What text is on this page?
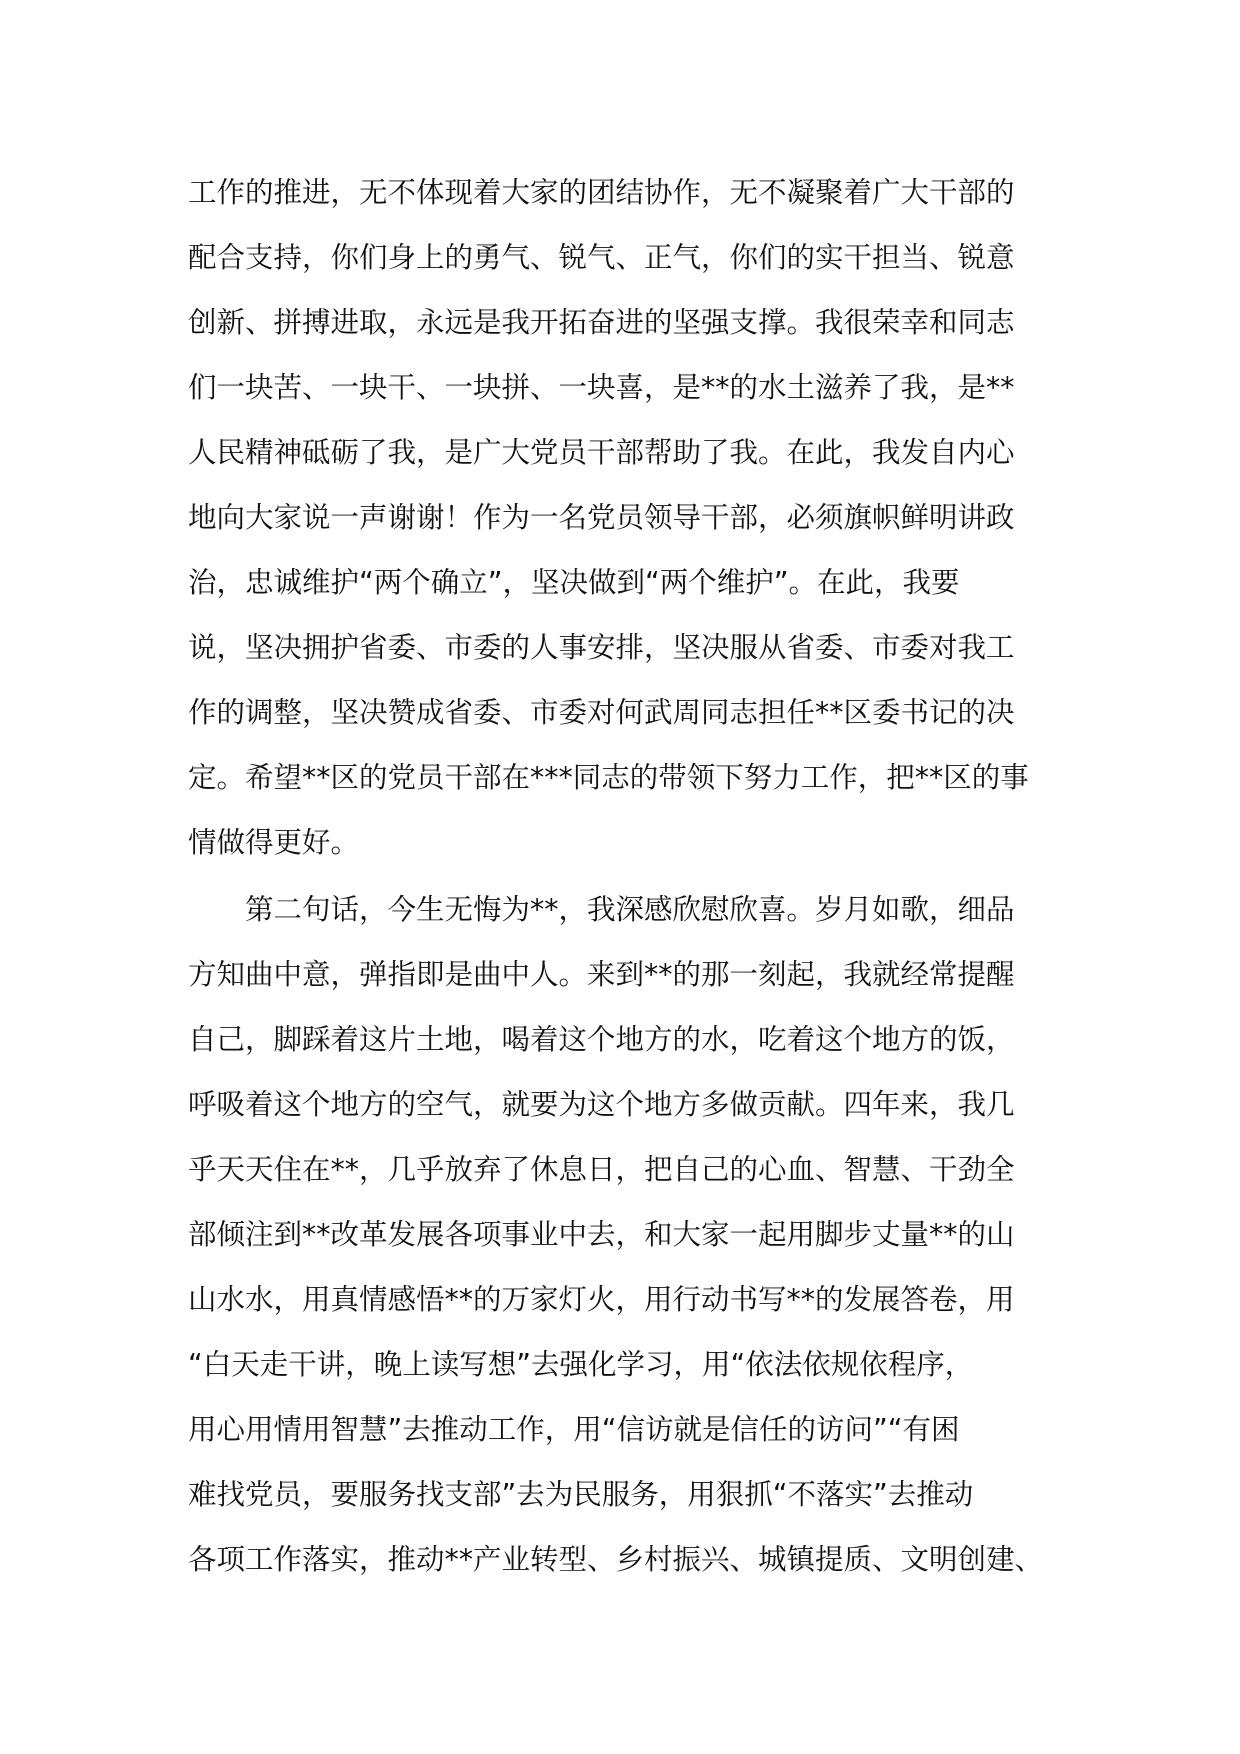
工作的推进，无不体现着大家的团结协作，无不凝聚着广大干部的
配合支持，你们身上的勇气、锐气、正气，你们的实干担当、锐意
创新、拼搏进取，永远是我开拓奋进的坚强支撑。我很荣幸和同志
们一块苦、一块干、一块拼、一块喜，是**的水土滋养了我，是**
人民精神砥砺了我，是广大党员干部帮助了我。在此，我发自内心
地向大家说一声谢谢！作为一名党员领导干部，必须旗帜鲜明讲政
治，忠诚维护“两个确立”，坚决做到“两个维护”。在此，我要
说，坚决拥护省委、市委的人事安排，坚决服从省委、市委对我工
作的调整，坚决赞成省委、市委对何武周同志担任**区委书记的决
定。希望**区的党员干部在***同志的带领下努力工作，把**区的事
情做得更好。
第二句话，今生无悔为**，我深感欣慰欣喜。岁月如歌，细品
方知曲中意，弹指即是曲中人。来到**的那一刻起，我就经常提醒
自己，脚踩着这片土地，喝着这个地方的水，吃着这个地方的饭，
呼吸着这个地方的空气，就要为这个地方多做贡献。四年来，我几
乎天天住在**，几乎放弃了休息日，把自己的心血、智慧、干劲全
部倾注到**改革发展各项事业中去，和大家一起用脚步丈量**的山
山水水，用真情感悟**的万家灯火，用行动书写**的发展答卷，用
“白天走干讲，晚上读写想”去强化学习，用“依法依规依程序，
用心用情用智慧”去推动工作，用“信访就是信任的访问”“有困
难找党员，要服务找支部”去为民服务，用狠抓“不落实”去推动
各项工作落实，推动**产业转型、乡村振兴、城镇提质、文明创建、
